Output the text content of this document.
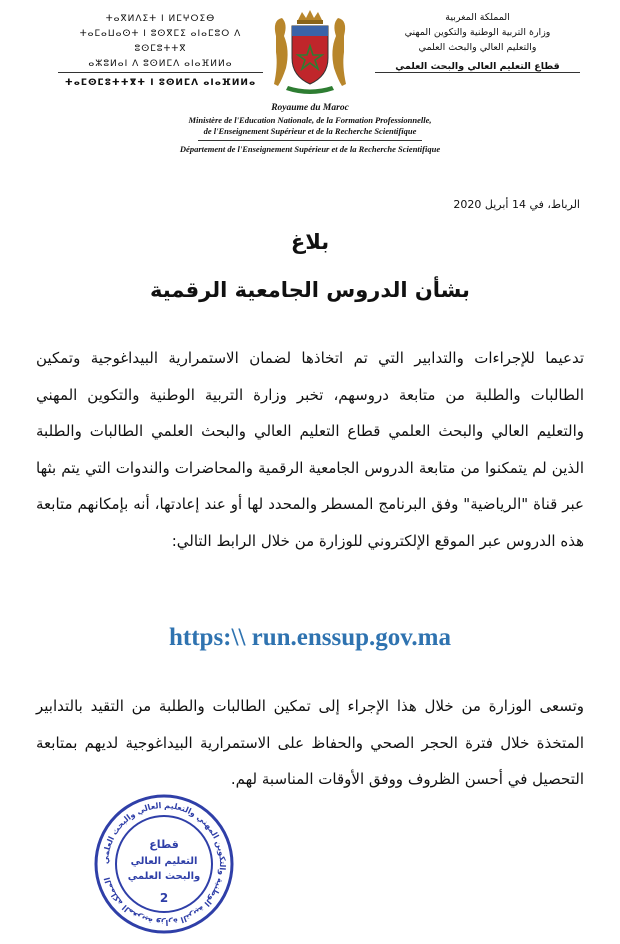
المملكة المغربية
وزارة التربية الوطنية والتكوين المهني
والتعليم العالي والبحث العلمي
قطاع التعليم العالي والبحث العلمي
ⵜⴰⴳⵍⴷⵉⵜ ⵏ ⵍⵎⵖⵔⵉⴱ
ⵜⴰⵎⴰⵡⴰⵙⵜ ⵏ ⵓⵙⴳⵎⵉ ⴰⵏⴰⵎⵓⵔ ⴷ ⵓⵙⵎⵓⵜⵜⴳ
ⴰⵣⵓⵍⴰⵏ ⴷ ⵓⵙⵍⵎⴷ ⴰⵏⴰⴼⵍⵍⴰ
ⵜⴰⵎⵙⵎⵓⵜⵜⴳⵜ ⵏ ⵓⵙⵍⵎⴷ ⴰⵏⴰⴼⵍⵍⴰ
Royaume du Maroc
Ministère de l'Education Nationale, de la Formation Professionnelle,
de l'Enseignement Supérieur et de la Recherche Scientifique
Département de l'Enseignement Supérieur et de la Recherche Scientifique
الرباط، في 14 أبريل 2020
بلاغ
بشأن الدروس الجامعية الرقمية
تدعيما للإجراءات والتدابير التي تم اتخاذها لضمان الاستمرارية البيداغوجية وتمكين الطالبات والطلبة من متابعة دروسهم، تخبر وزارة التربية الوطنية والتكوين المهني والتعليم العالي والبحث العلمي قطاع التعليم العالي والبحث العلمي الطالبات والطلبة الذين لم يتمكنوا من متابعة الدروس الجامعية الرقمية والمحاضرات والندوات التي يتم بثها عبر قناة "الرياضية" وفق البرنامج المسطر والمحدد لها أو عند إعادتها، أنه بإمكانهم متابعة هذه الدروس عبر الموقع الإلكتروني للوزارة من خلال الرابط التالي:
https:\\ run.enssup.gov.ma
وتسعى الوزارة من خلال هذا الإجراء إلى تمكين الطالبات والطلبة من التقيد بالتدابير المتخذة خلال فترة الحجر الصحي والحفاظ على الاستمرارية البيداغوجية لديهم بمتابعة التحصيل في أحسن الظروف ووفق الأوقات المناسبة لهم.
المملكة المغربية وزارة التربية الوطنية والتكوين المهني والتعليم العالي والبحث العلمي
قطاع
التعليم العالي
والبحث العلمي
2
